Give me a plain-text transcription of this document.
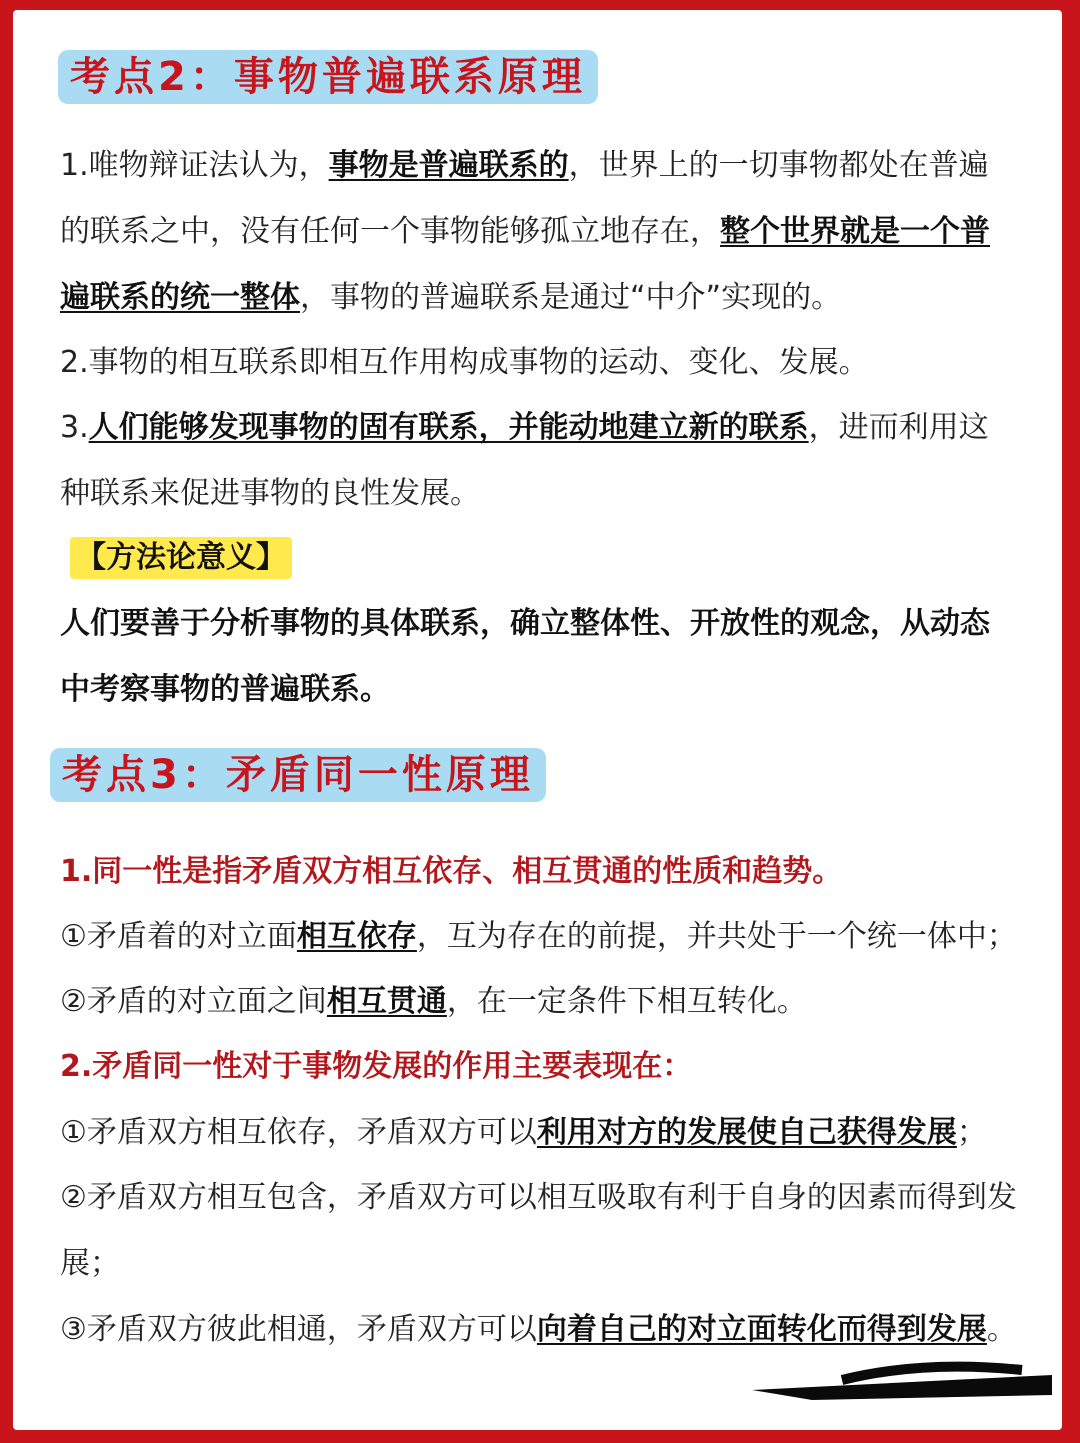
考点2：事物普遍联系原理
1.唯物辩证法认为，事物是普遍联系的，世界上的一切事物都处在普遍
的联系之中，没有任何一个事物能够孤立地存在，整个世界就是一个普
遍联系的统一整体，事物的普遍联系是通过“中介”实现的。
2.事物的相互联系即相互作用构成事物的运动、变化、发展。
3.人们能够发现事物的固有联系，并能动地建立新的联系，进而利用这
种联系来促进事物的良性发展。
【方法论意义】
人们要善于分析事物的具体联系，确立整体性、开放性的观念，从动态
中考察事物的普遍联系。
考点3：矛盾同一性原理
1.同一性是指矛盾双方相互依存、相互贯通的性质和趋势。
①矛盾着的对立面相互依存，互为存在的前提，并共处于一个统一体中；
②矛盾的对立面之间相互贯通，在一定条件下相互转化。
2.矛盾同一性对于事物发展的作用主要表现在：
①矛盾双方相互依存，矛盾双方可以利用对方的发展使自己获得发展；
②矛盾双方相互包含，矛盾双方可以相互吸取有利于自身的因素而得到发
展；
③矛盾双方彼此相通，矛盾双方可以向着自己的对立面转化而得到发展。
